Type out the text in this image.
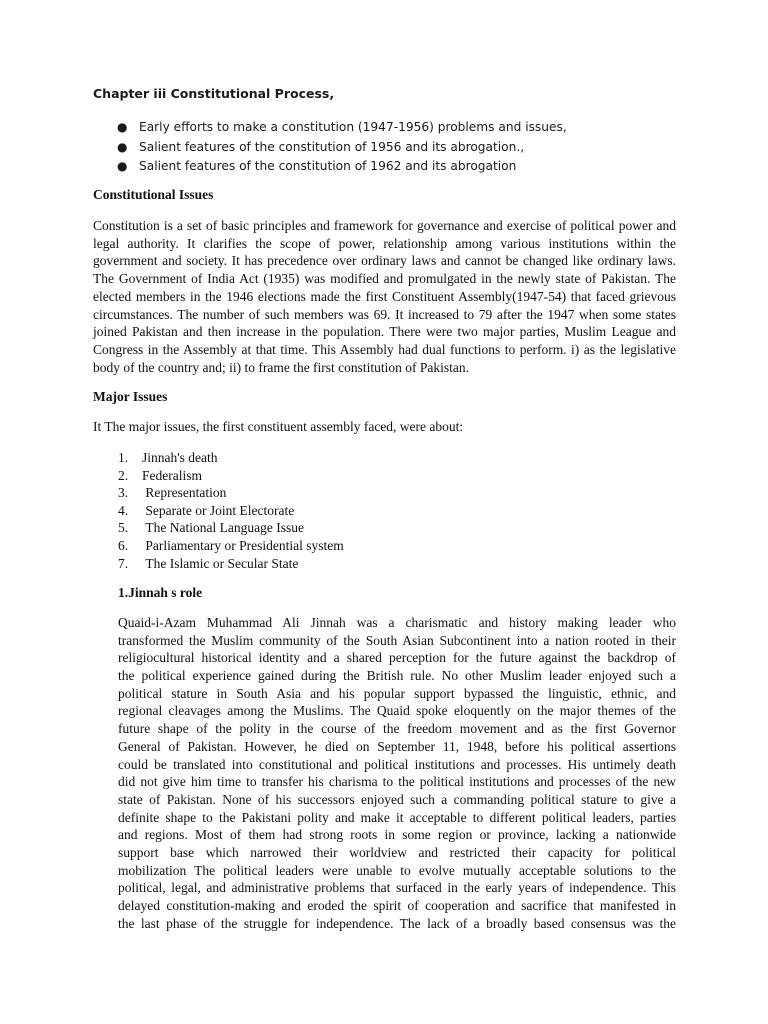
Chapter iii Constitutional Process,
● Early efforts to make a constitution (1947-1956) problems and issues,
● Salient features of the constitution of 1956 and its abrogation.,
● Salient features of the constitution of 1962 and its abrogation
Constitutional Issues

Constitution is a set of basic principles and framework for governance and exercise of political power and legal authority. It clarifies the scope of power, relationship among various institutions within the government and society. It has precedence over ordinary laws and cannot be changed like ordinary laws. The Government of India Act (1935) was modified and promulgated in the newly state of Pakistan. The elected members in the 1946 elections made the first Constituent Assembly(1947-54) that faced grievous circumstances. The number of such members was 69. It increased to 79 after the 1947 when some states joined Pakistan and then increase in the population. There were two major parties, Muslim League and Congress in the Assembly at that time. This Assembly had dual functions to perform. i) as the legislative body of the country and; ii) to frame the first constitution of Pakistan.

Major Issues

It The major issues, the first constituent assembly faced, were about:

1. Jinnah's death
2. Federalism
3. Representation
4. Separate or Joint Electorate
5. The National Language Issue
6. Parliamentary or Presidential system
7. The Islamic or Secular State
1.Jinnah s role

Quaid-i-Azam Muhammad Ali Jinnah was a charismatic and history making leader who
transformed the Muslim community of the South Asian Subcontinent into a nation rooted in their
religiocultural historical identity and a shared perception for the future against the backdrop of
the political experience gained during the British rule. No other Muslim leader enjoyed such a
political stature in South Asia and his popular support bypassed the linguistic, ethnic, and
regional cleavages among the Muslims. The Quaid spoke eloquently on the major themes of the
future shape of the polity in the course of the freedom movement and as the first Governor
General of Pakistan. However, he died on September 11, 1948, before his political assertions
could be translated into constitutional and political institutions and processes. His untimely death
did not give him time to transfer his charisma to the political institutions and processes of the new
state of Pakistan. None of his successors enjoyed such a commanding political stature to give a
definite shape to the Pakistani polity and make it acceptable to different political leaders, parties
and regions. Most of them had strong roots in some region or province, lacking a nationwide
support base which narrowed their worldview and restricted their capacity for political
mobilization The political leaders were unable to evolve mutually acceptable solutions to the
political, legal, and administrative problems that surfaced in the early years of independence. This
delayed constitution-making and eroded the spirit of cooperation and sacrifice that manifested in
the last phase of the struggle for independence. The lack of a broadly based consensus was the
